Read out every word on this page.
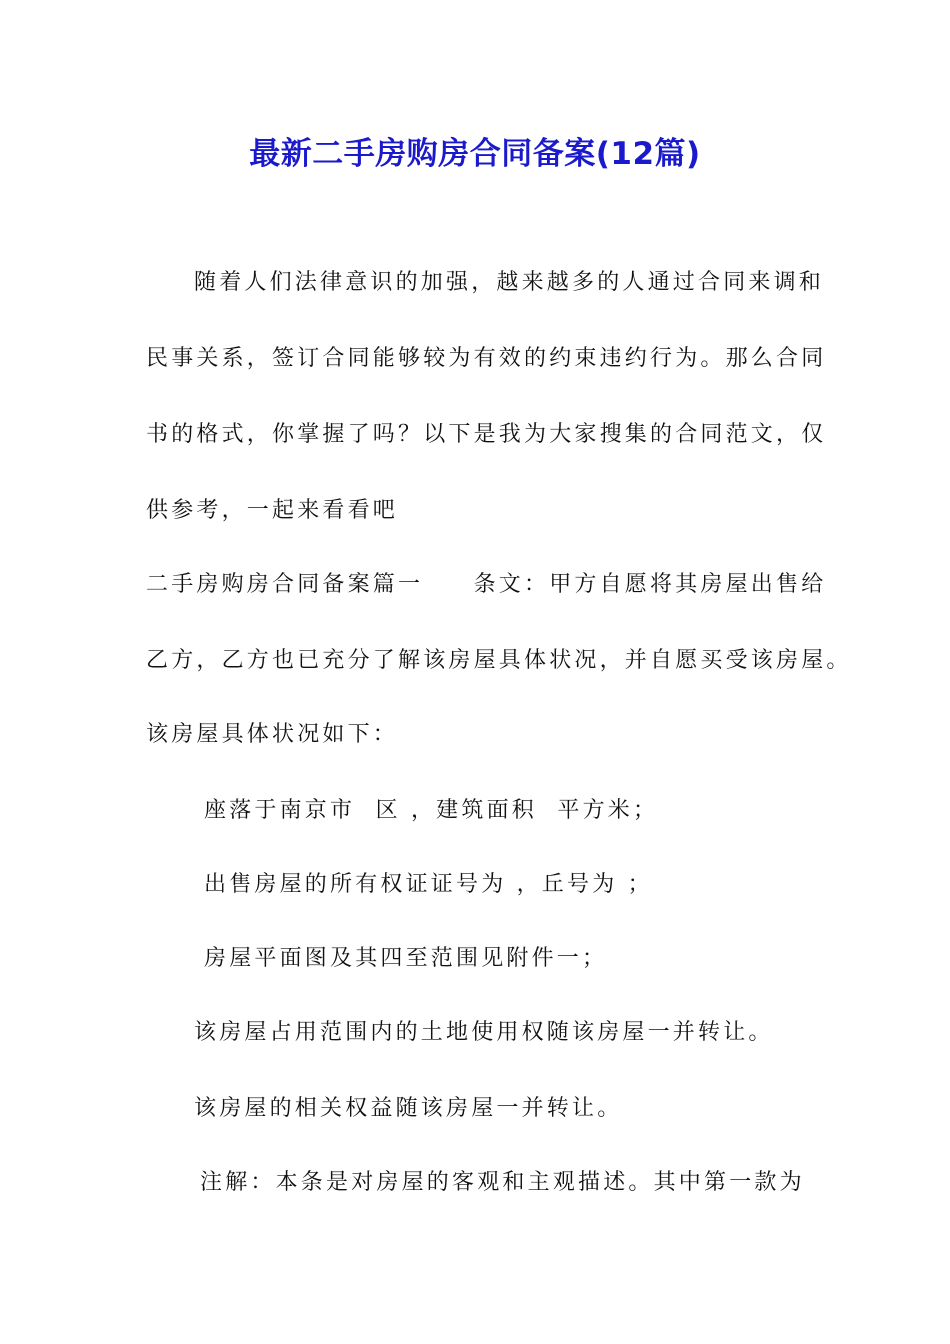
最新二手房购房合同备案(12篇)
随着人们法律意识的加强，越来越多的人通过合同来调和
民事关系，签订合同能够较为有效的约束违约行为。那么合同
书的格式，你掌握了吗？以下是我为大家搜集的合同范文，仅
供参考，一起来看看吧
二手房购房合同备案篇一　　条文：甲方自愿将其房屋出售给
乙方，乙方也已充分了解该房屋具体状况，并自愿买受该房屋。
该房屋具体状况如下：
座落于南京市  区 ，建筑面积  平方米；
出售房屋的所有权证证号为 ，丘号为 ；
房屋平面图及其四至范围见附件一；
该房屋占用范围内的土地使用权随该房屋一并转让。
该房屋的相关权益随该房屋一并转让。
注解：本条是对房屋的客观和主观描述。其中第一款为
